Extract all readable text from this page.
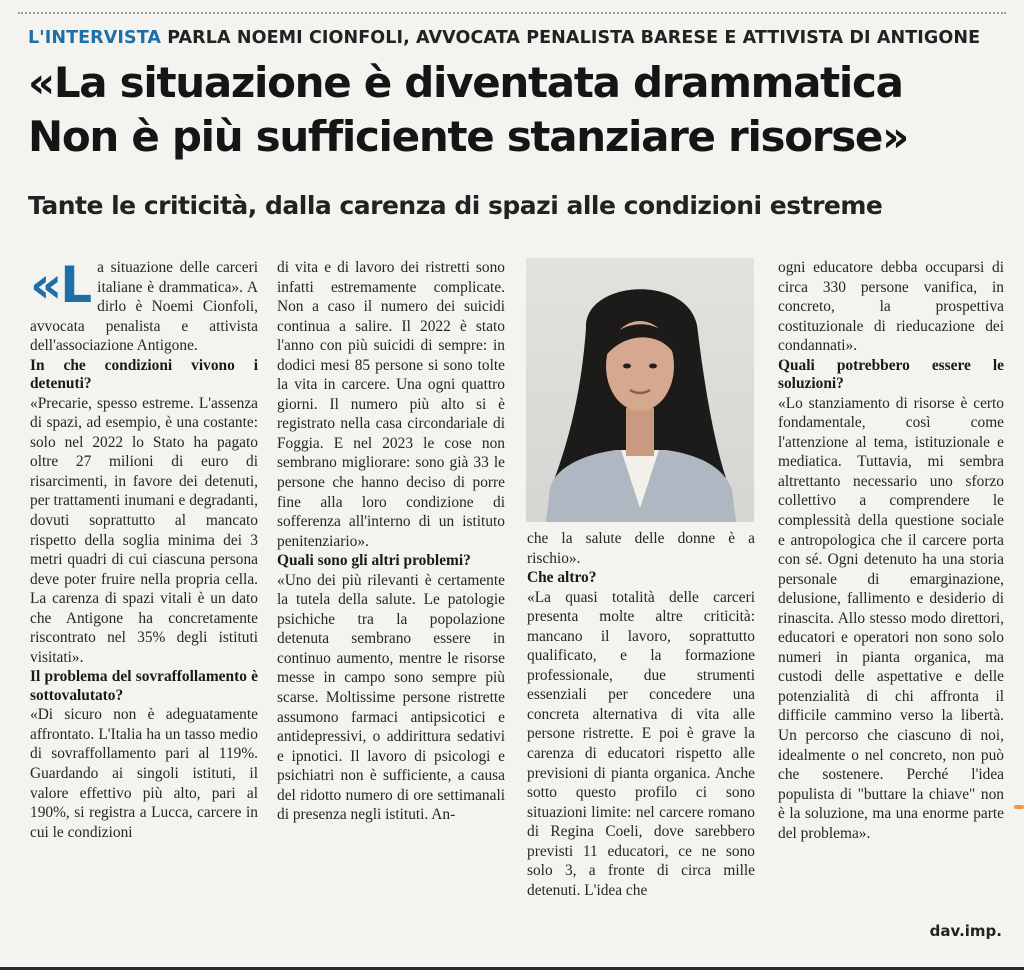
L'INTERVISTA PARLA NOEMI CIONFOLI, AVVOCATA PENALISTA BARESE E ATTIVISTA DI ANTIGONE
«La situazione è diventata drammatica
Non è più sufficiente stanziare risorse»
Tante le criticità, dalla carenza di spazi alle condizioni estreme
«L a situazione delle carceri italiane è drammatica». A dirlo è Noemi Cionfoli, avvocata penalista e attivista dell'associazione Antigone.

In che condizioni vivono i detenuti?

«Precarie, spesso estreme. L'assenza di spazi, ad esempio, è una costante: solo nel 2022 lo Stato ha pagato oltre 27 milioni di euro di risarcimenti, in favore dei detenuti, per trattamenti inumani e degradanti, dovuti soprattutto al mancato rispetto della soglia minima dei 3 metri quadri di cui ciascuna persona deve poter fruire nella propria cella. La carenza di spazi vitali è un dato che Antigone ha concretamente riscontrato nel 35% degli istituti visitati».

Il problema del sovraffollamento è sottovalutato?

«Di sicuro non è adeguatamente affrontato. L'Italia ha un tasso medio di sovraffollamento pari al 119%. Guardando ai singoli istituti, il valore effettivo più alto, pari al 190%, si registra a Lucca, carcere in cui le condizioni

di vita e di lavoro dei ristretti sono infatti estremamente complicate. Non a caso il numero dei suicidi continua a salire. Il 2022 è stato l'anno con più suicidi di sempre: in dodici mesi 85 persone si sono tolte la vita in carcere. Una ogni quattro giorni. Il numero più alto si è registrato nella casa circondariale di Foggia. E nel 2023 le cose non sembrano migliorare: sono già 33 le persone che hanno deciso di porre fine alla loro condizione di sofferenza all'interno di un istituto penitenziario».

Quali sono gli altri problemi?

«Uno dei più rilevanti è certamente la tutela della salute. Le patologie psichiche tra la popolazione detenuta sembrano essere in continuo aumento, mentre le risorse messe in campo sono sempre più scarse. Moltissime persone ristrette assumono farmaci antipsicotici e antidepressivi, o addirittura sedativi e ipnotici. Il lavoro di psicologi e psichiatri non è sufficiente, a causa del ridotto numero di ore settimanali di presenza negli istituti. An-

che la salute delle donne è a rischio».

Che altro?

«La quasi totalità delle carceri presenta molte altre criticità: mancano il lavoro, soprattutto qualificato, e la formazione professionale, due strumenti essenziali per concedere una concreta alternativa di vita alle persone ristrette. E poi è grave la carenza di educatori rispetto alle previsioni di pianta organica. Anche sotto questo profilo ci sono situazioni limite: nel carcere romano di Regina Coeli, dove sarebbero previsti 11 educatori, ce ne sono solo 3, a fronte di circa mille detenuti. L'idea che

ogni educatore debba occuparsi di circa 330 persone vanifica, in concreto, la prospettiva costituzionale di rieducazione dei condannati».

Quali potrebbero essere le soluzioni?

«Lo stanziamento di risorse è certo fondamentale, così come l'attenzione al tema, istituzionale e mediatica. Tuttavia, mi sembra altrettanto necessario uno sforzo collettivo a comprendere le complessità della questione sociale e antropologica che il carcere porta con sé. Ogni detenuto ha una storia personale di emarginazione, delusione, fallimento e desiderio di rinascita. Allo stesso modo direttori, educatori e operatori non sono solo numeri in pianta organica, ma custodi delle aspettative e delle potenzialità di chi affronta il difficile cammino verso la libertà. Un percorso che ciascuno di noi, idealmente o nel concreto, non può che sostenere. Perché l'idea populista di "buttare la chiave" non è la soluzione, ma una enorme parte del problema».

dav.imp.
